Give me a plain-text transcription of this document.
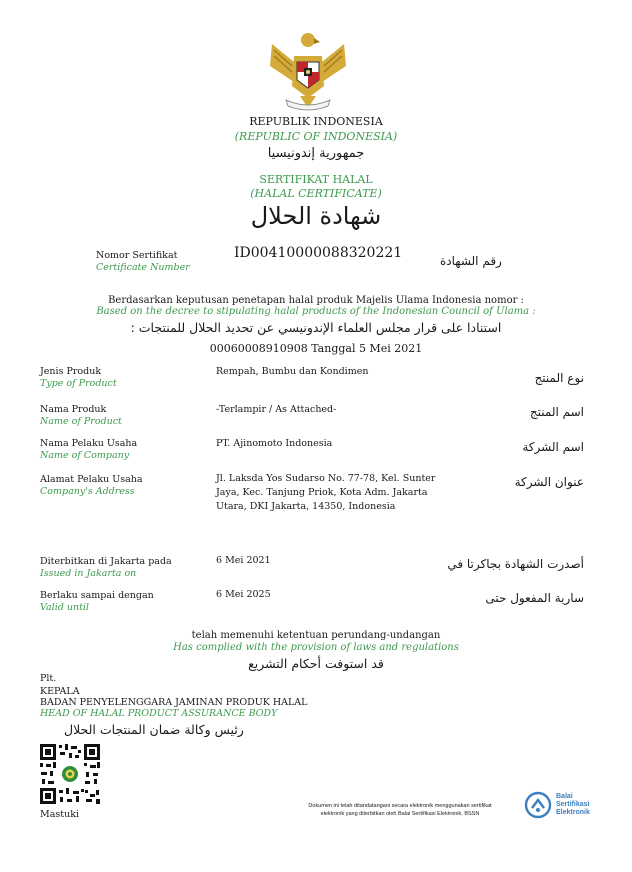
REPUBLIK INDONESIA
(REPUBLIC OF INDONESIA)
جمهورية إندونيسيا
SERTIFIKAT HALAL
(HALAL CERTIFICATE)
شهادة الحلال
Nomor Sertifikat
Certificate Number
ID00410000088320221	رقم الشهادة
Berdasarkan keputusan penetapan halal produk Majelis Ulama Indonesia nomor :
Based on the decree to stipulating halal products of the Indonesian Council of Ulama :
استنادا على قرار مجلس العلماء الإندونيسي عن تحديد الحلال للمنتجات :
00060008910908 Tanggal 5 Mei 2021
Jenis Produk
Type of Product
Rempah, Bumbu dan Kondimen	نوع المنتج
Nama Produk
Name of Product
-Terlampir / As Attached-	اسم المنتج
Nama Pelaku Usaha
Name of Company
PT. Ajinomoto Indonesia	اسم الشركة
Alamat Pelaku Usaha
Company's Address
Jl. Laksda Yos Sudarso No. 77-78, Kel. Sunter
Jaya, Kec. Tanjung Priok, Kota Adm. Jakarta
Utara, DKI Jakarta, 14350, Indonesia
عنوان الشركة
Diterbitkan di Jakarta pada
Issued in Jakarta on
6 Mei 2021	أصدرت الشهادة بجاكرتا في
Berlaku sampai dengan
Valid until
6 Mei 2025	سارية المفعول حتى
telah memenuhi ketentuan perundang-undangan
Has complied with the provision of laws and regulations
قد استوفت أحكام التشريع
Plt.
KEPALA
BADAN PENYELENGGARA JAMINAN PRODUK HALAL
HEAD OF HALAL PRODUCT ASSURANCE BODY
رئيس وكالة ضمان المنتجات الحلال
Mastuki
Dokumen ini telah ditandatangani secara elektronik menggunakan sertifikat
elektronik yang diterbitkan oleh Balai Sertifikasi Elektronik, BSSN
Balai
Sertifikasi
Elektronik
